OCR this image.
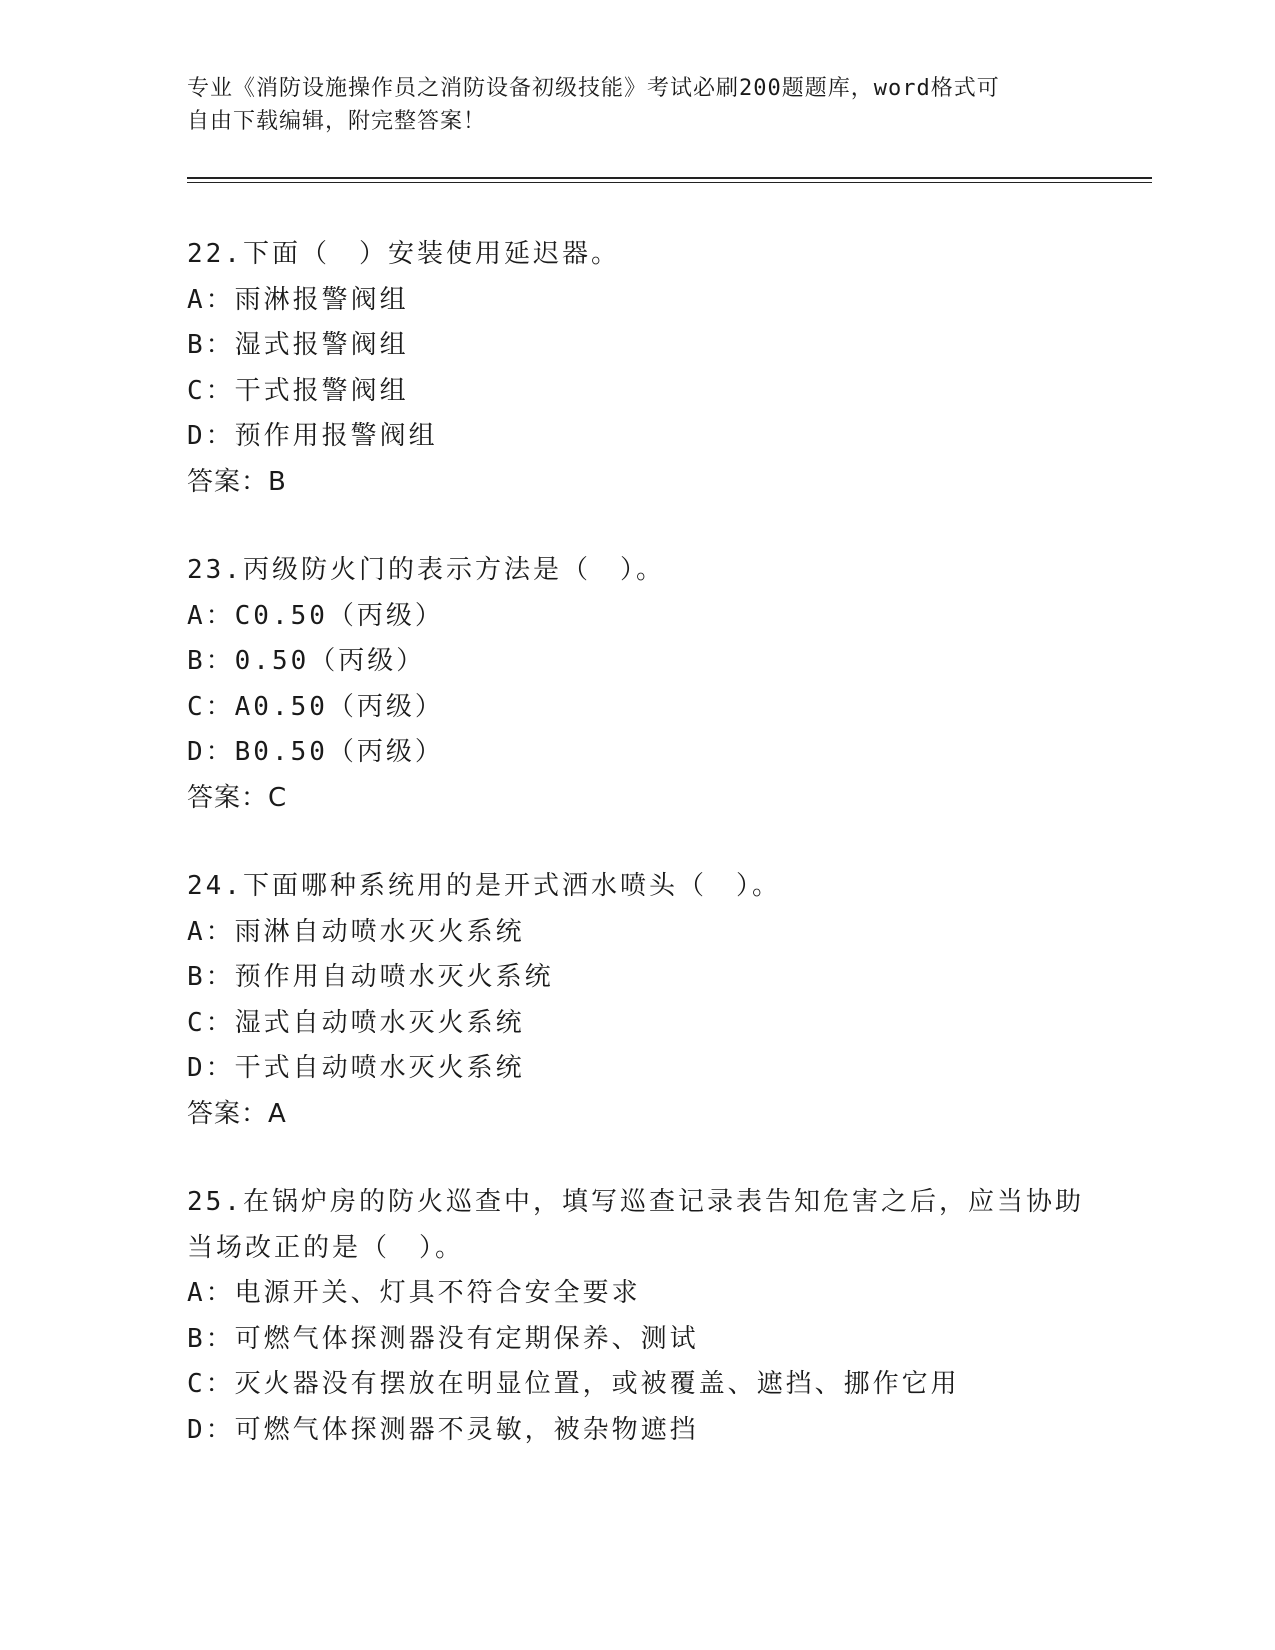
专业《消防设施操作员之消防设备初级技能》考试必刷200题题库，word格式可
自由下载编辑，附完整答案！
22.下面（　）安装使用延迟器。
A：雨淋报警阀组
B：湿式报警阀组
C：干式报警阀组
D：预作用报警阀组
答案：B
23.丙级防火门的表示方法是（　）。
A：C0.50（丙级）
B：0.50（丙级）
C：A0.50（丙级）
D：B0.50（丙级）
答案：C
24.下面哪种系统用的是开式洒水喷头（　）。
A：雨淋自动喷水灭火系统
B：预作用自动喷水灭火系统
C：湿式自动喷水灭火系统
D：干式自动喷水灭火系统
答案：A
25.在锅炉房的防火巡查中，填写巡查记录表告知危害之后，应当协助
当场改正的是（　）。
A：电源开关、灯具不符合安全要求
B：可燃气体探测器没有定期保养、测试
C：灭火器没有摆放在明显位置，或被覆盖、遮挡、挪作它用
D：可燃气体探测器不灵敏，被杂物遮挡
